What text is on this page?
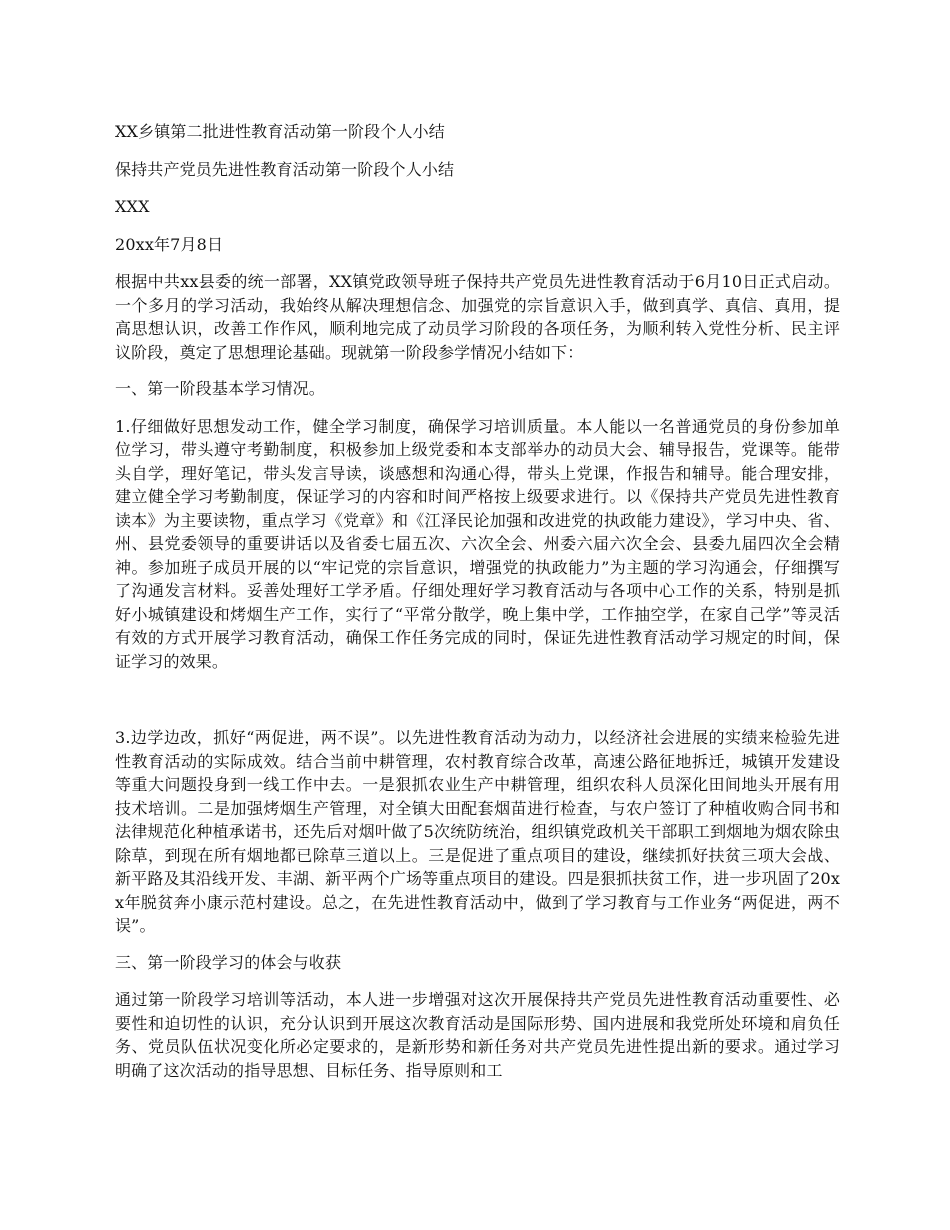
XX乡镇第二批进性教育活动第一阶段个人小结

保持共产党员先进性教育活动第一阶段个人小结

XXX

20xx年7月8日

根据中共xx县委的统一部署，XX镇党政领导班子保持共产党员先进性教育活动于6月10日正式启动。一个多月的学习活动，我始终从解决理想信念、加强党的宗旨意识入手，做到真学、真信、真用，提高思想认识，改善工作作风，顺利地完成了动员学习阶段的各项任务，为顺利转入党性分析、民主评议阶段，奠定了思想理论基础。现就第一阶段参学情况小结如下：

一、第一阶段基本学习情况。

1.仔细做好思想发动工作，健全学习制度，确保学习培训质量。本人能以一名普通党员的身份参加单位学习，带头遵守考勤制度，积极参加上级党委和本支部举办的动员大会、辅导报告，党课等。能带头自学，理好笔记，带头发言导读，谈感想和沟通心得，带头上党课，作报告和辅导。能合理安排，建立健全学习考勤制度，保证学习的内容和时间严格按上级要求进行。以《保持共产党员先进性教育读本》为主要读物，重点学习《党章》和《江泽民论加强和改进党的执政能力建设》，学习中央、省、州、县党委领导的重要讲话以及省委七届五次、六次全会、州委六届六次全会、县委九届四次全会精神。参加班子成员开展的以“牢记党的宗旨意识，增强党的执政能力”为主题的学习沟通会，仔细撰写了沟通发言材料。妥善处理好工学矛盾。仔细处理好学习教育活动与各项中心工作的关系，特别是抓好小城镇建设和烤烟生产工作，实行了“平常分散学，晚上集中学，工作抽空学，在家自己学”等灵活有效的方式开展学习教育活动，确保工作任务完成的同时，保证先进性教育活动学习规定的时间，保证学习的效果。

3.边学边改，抓好“两促进，两不误”。以先进性教育活动为动力，以经济社会进展的实绩来检验先进性教育活动的实际成效。结合当前中耕管理，农村教育综合改革，高速公路征地拆迁，城镇开发建设等重大问题投身到一线工作中去。一是狠抓农业生产中耕管理，组织农科人员深化田间地头开展有用技术培训。二是加强烤烟生产管理，对全镇大田配套烟苗进行检查，与农户签订了种植收购合同书和法律规范化种植承诺书，还先后对烟叶做了5次统防统治，组织镇党政机关干部职工到烟地为烟农除虫除草，到现在所有烟地都已除草三道以上。三是促进了重点项目的建设，继续抓好扶贫三项大会战、新平路及其沿线开发、丰湖、新平两个广场等重点项目的建设。四是狠抓扶贫工作，进一步巩固了20xx年脱贫奔小康示范村建设。总之，在先进性教育活动中，做到了学习教育与工作业务“两促进，两不误”。

三、第一阶段学习的体会与收获

通过第一阶段学习培训等活动，本人进一步增强对这次开展保持共产党员先进性教育活动重要性、必要性和迫切性的认识，充分认识到开展这次教育活动是国际形势、国内进展和我党所处环境和肩负任务、党员队伍状况变化所必定要求的，是新形势和新任务对共产党员先进性提出新的要求。通过学习明确了这次活动的指导思想、目标任务、指导原则和工
